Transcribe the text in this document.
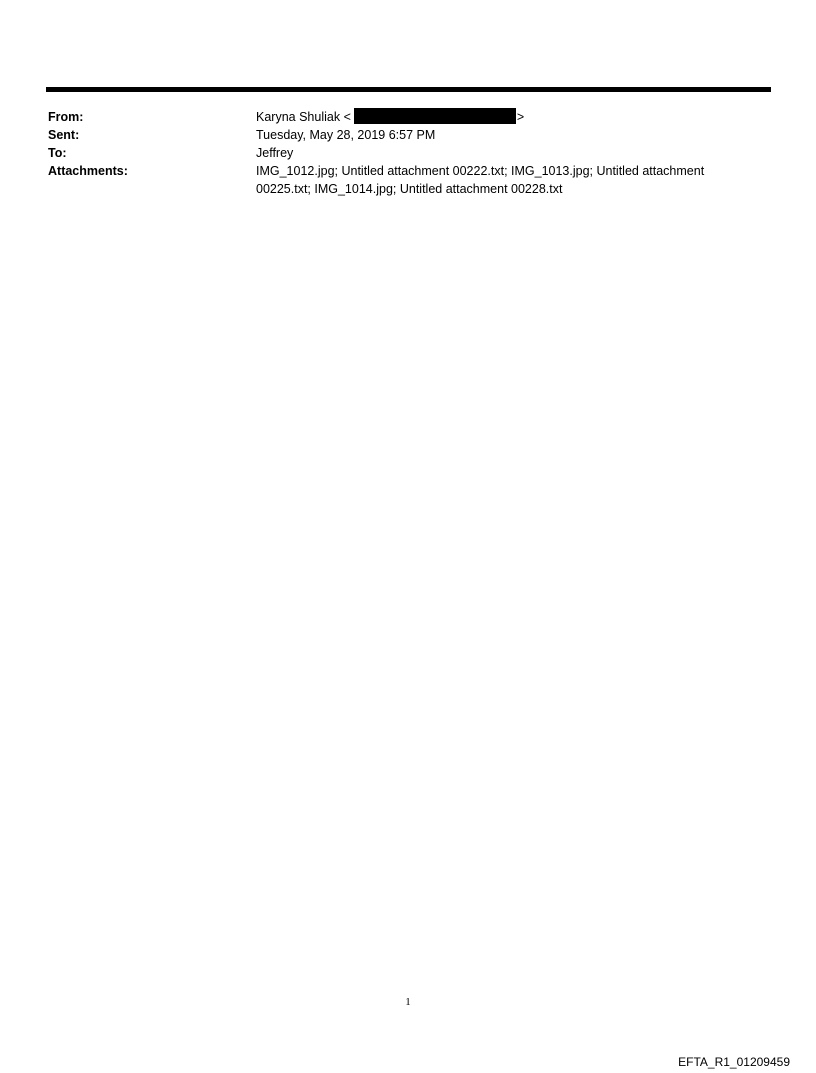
From:	Karyna Shuliak <	>
Sent:	Tuesday, May 28, 2019 6:57 PM
To:	Jeffrey
Attachments:	IMG_1012.jpg; Untitled attachment 00222.txt; IMG_1013.jpg; Untitled attachment 00225.txt; IMG_1014.jpg; Untitled attachment 00228.txt
1
EFTA_R1_01209459
